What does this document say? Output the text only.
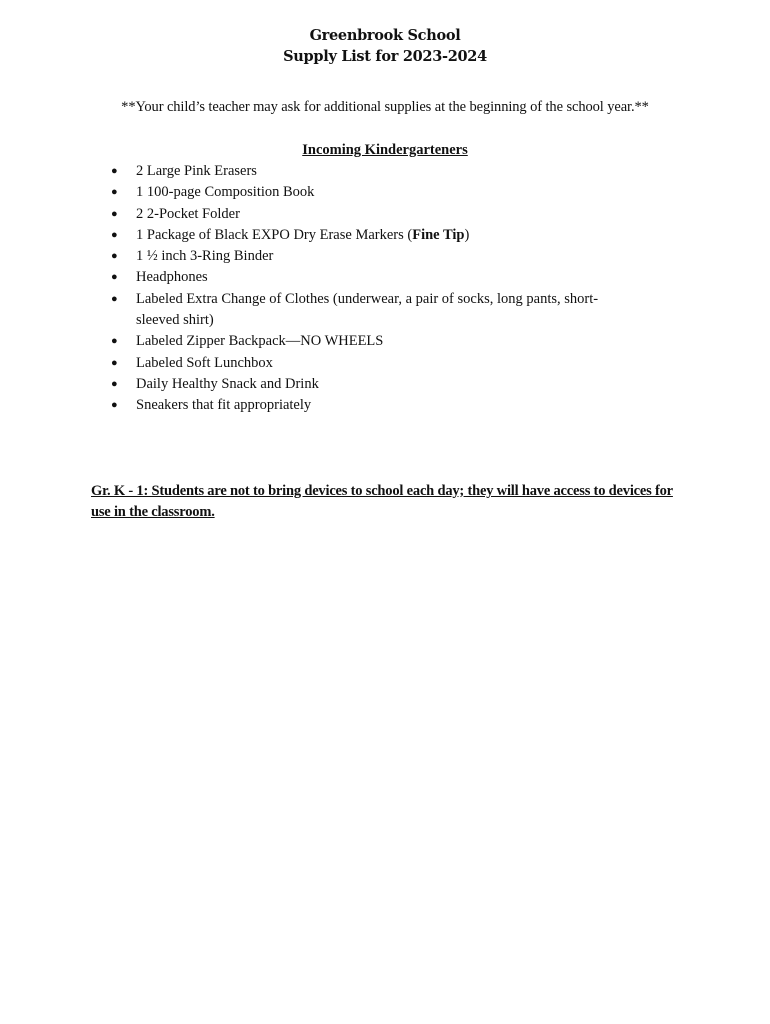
Greenbrook School
Supply List for 2023-2024
**Your child’s teacher may ask for additional supplies at the beginning of the school year.**
Incoming Kindergarteners
● 2 Large Pink Erasers
● 1 100-page Composition Book
● 2 2-Pocket Folder
● 1 Package of Black EXPO Dry Erase Markers (Fine Tip)
● 1 ½ inch 3-Ring Binder
● Headphones
● Labeled Extra Change of Clothes (underwear, a pair of socks, long pants, short-sleeved shirt)
● Labeled Zipper Backpack—NO WHEELS
● Labeled Soft Lunchbox
● Daily Healthy Snack and Drink
● Sneakers that fit appropriately
Gr. K - 1: Students are not to bring devices to school each day; they will have access to devices for use in the classroom.
